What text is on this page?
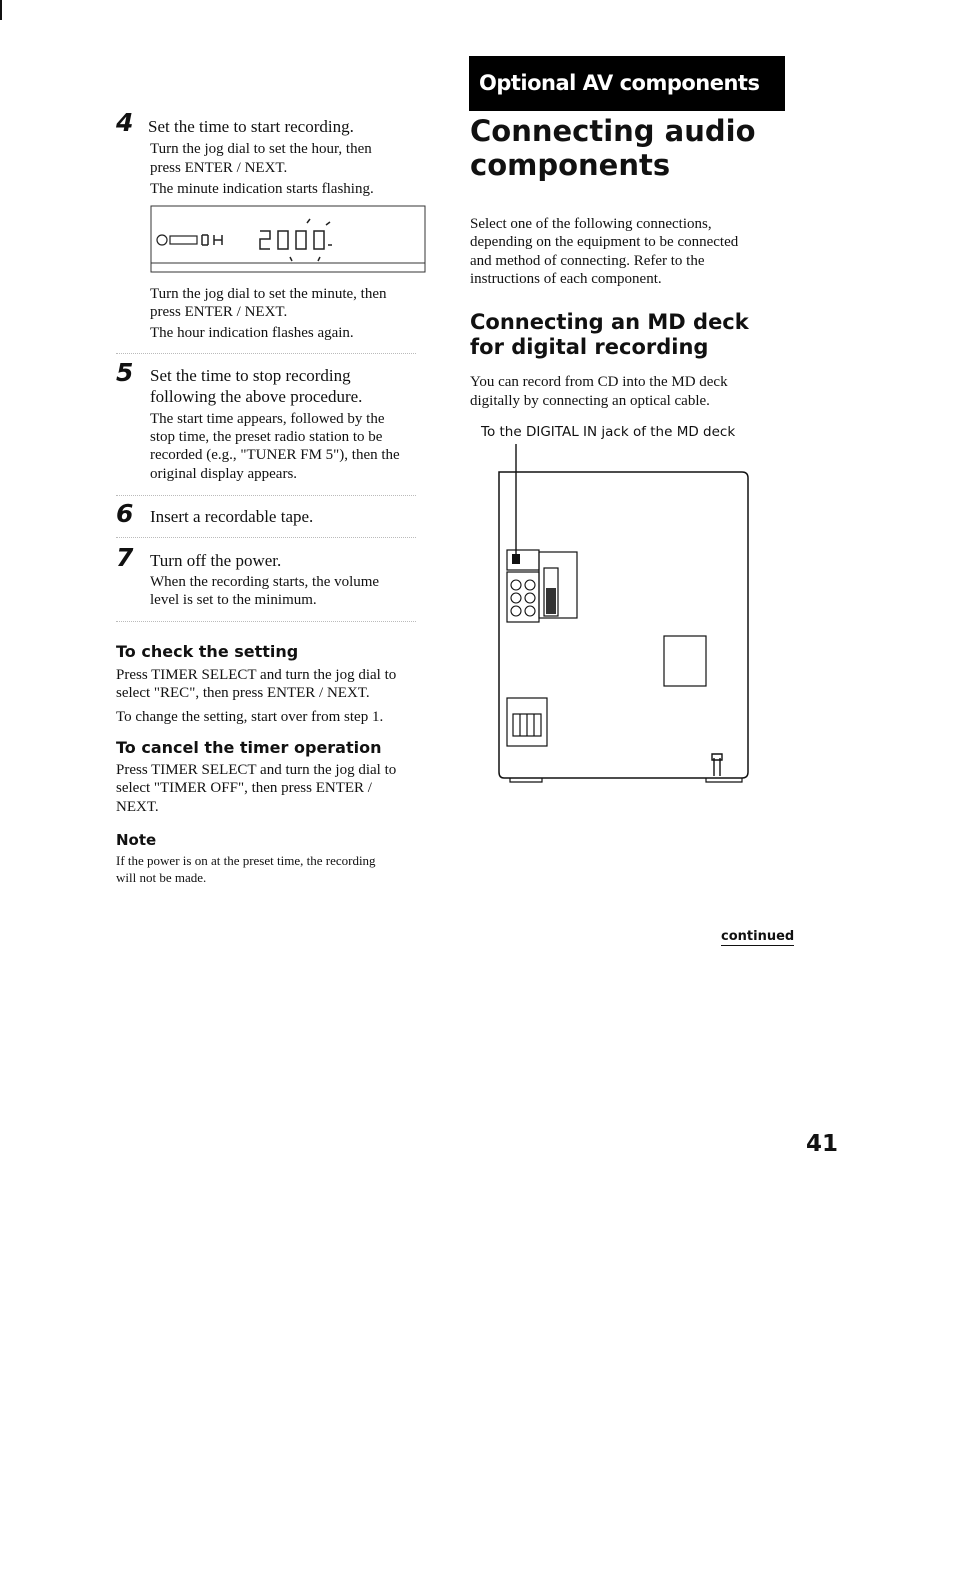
4 Set the time to start recording.
Turn the jog dial to set the hour, then
press ENTER / NEXT.
The minute indication starts flashing.
Turn the jog dial to set the minute, then
press ENTER / NEXT.
The hour indication flashes again.
5 Set the time to stop recording
following the above procedure.
The start time appears, followed by the
stop time, the preset radio station to be
recorded (e.g., "TUNER FM 5"), then the
original display appears.
6 Insert a recordable tape.
7 Turn off the power.
When the recording starts, the volume
level is set to the minimum.
To check the setting
Press TIMER SELECT and turn the jog dial to
select "REC", then press ENTER / NEXT.
To change the setting, start over from step 1.
To cancel the timer operation
Press TIMER SELECT and turn the jog dial to
select "TIMER OFF", then press ENTER /
NEXT.
Note
If the power is on at the preset time, the recording
will not be made.
Optional AV components
Connecting audio
components
Select one of the following connections,
depending on the equipment to be connected
and method of connecting. Refer to the
instructions of each component.
Connecting an MD deck
for digital recording
You can record from CD into the MD deck
digitally by connecting an optical cable.
To the DIGITAL IN jack of the MD deck
continued
41
